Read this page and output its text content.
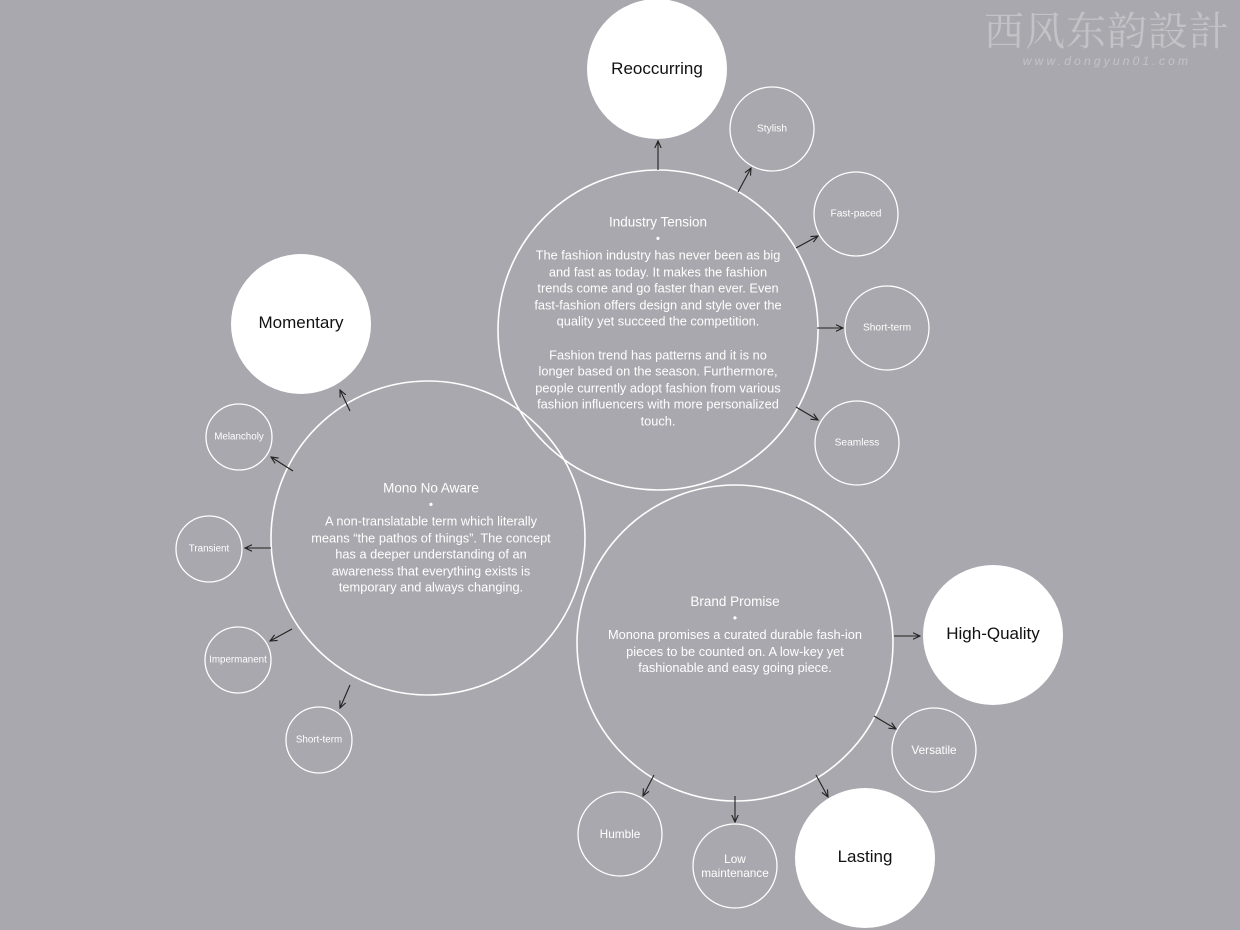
西风东韵設計
www.dongyun01.com
Industry Tension
•

The fashion industry has never been as big and fast as today. It makes the fashion trends come and go faster than ever. Even fast-fashion offers design and style over the quality yet succeed the competition.

Fashion trend has patterns and it is no longer based on the season. Furthermore, people currently adopt fashion from various fashion influencers with more personalized touch.

Mono No Aware
•
A non-translatable term which literally means “the pathos of things”. The concept has a deeper understanding of an awareness that everything exists is temporary and always changing.
Brand Promise
•
Monona promises a curated durable fash-ion pieces to be counted on. A low-key yet fashionable and easy going piece.
Reoccurring
Momentary
High-Quality
Lasting
Stylish
Fast-paced
Short-term
Seamless
Melancholy
Transient
Impermanent
Short-term
Versatile
Humble
Low maintenance
